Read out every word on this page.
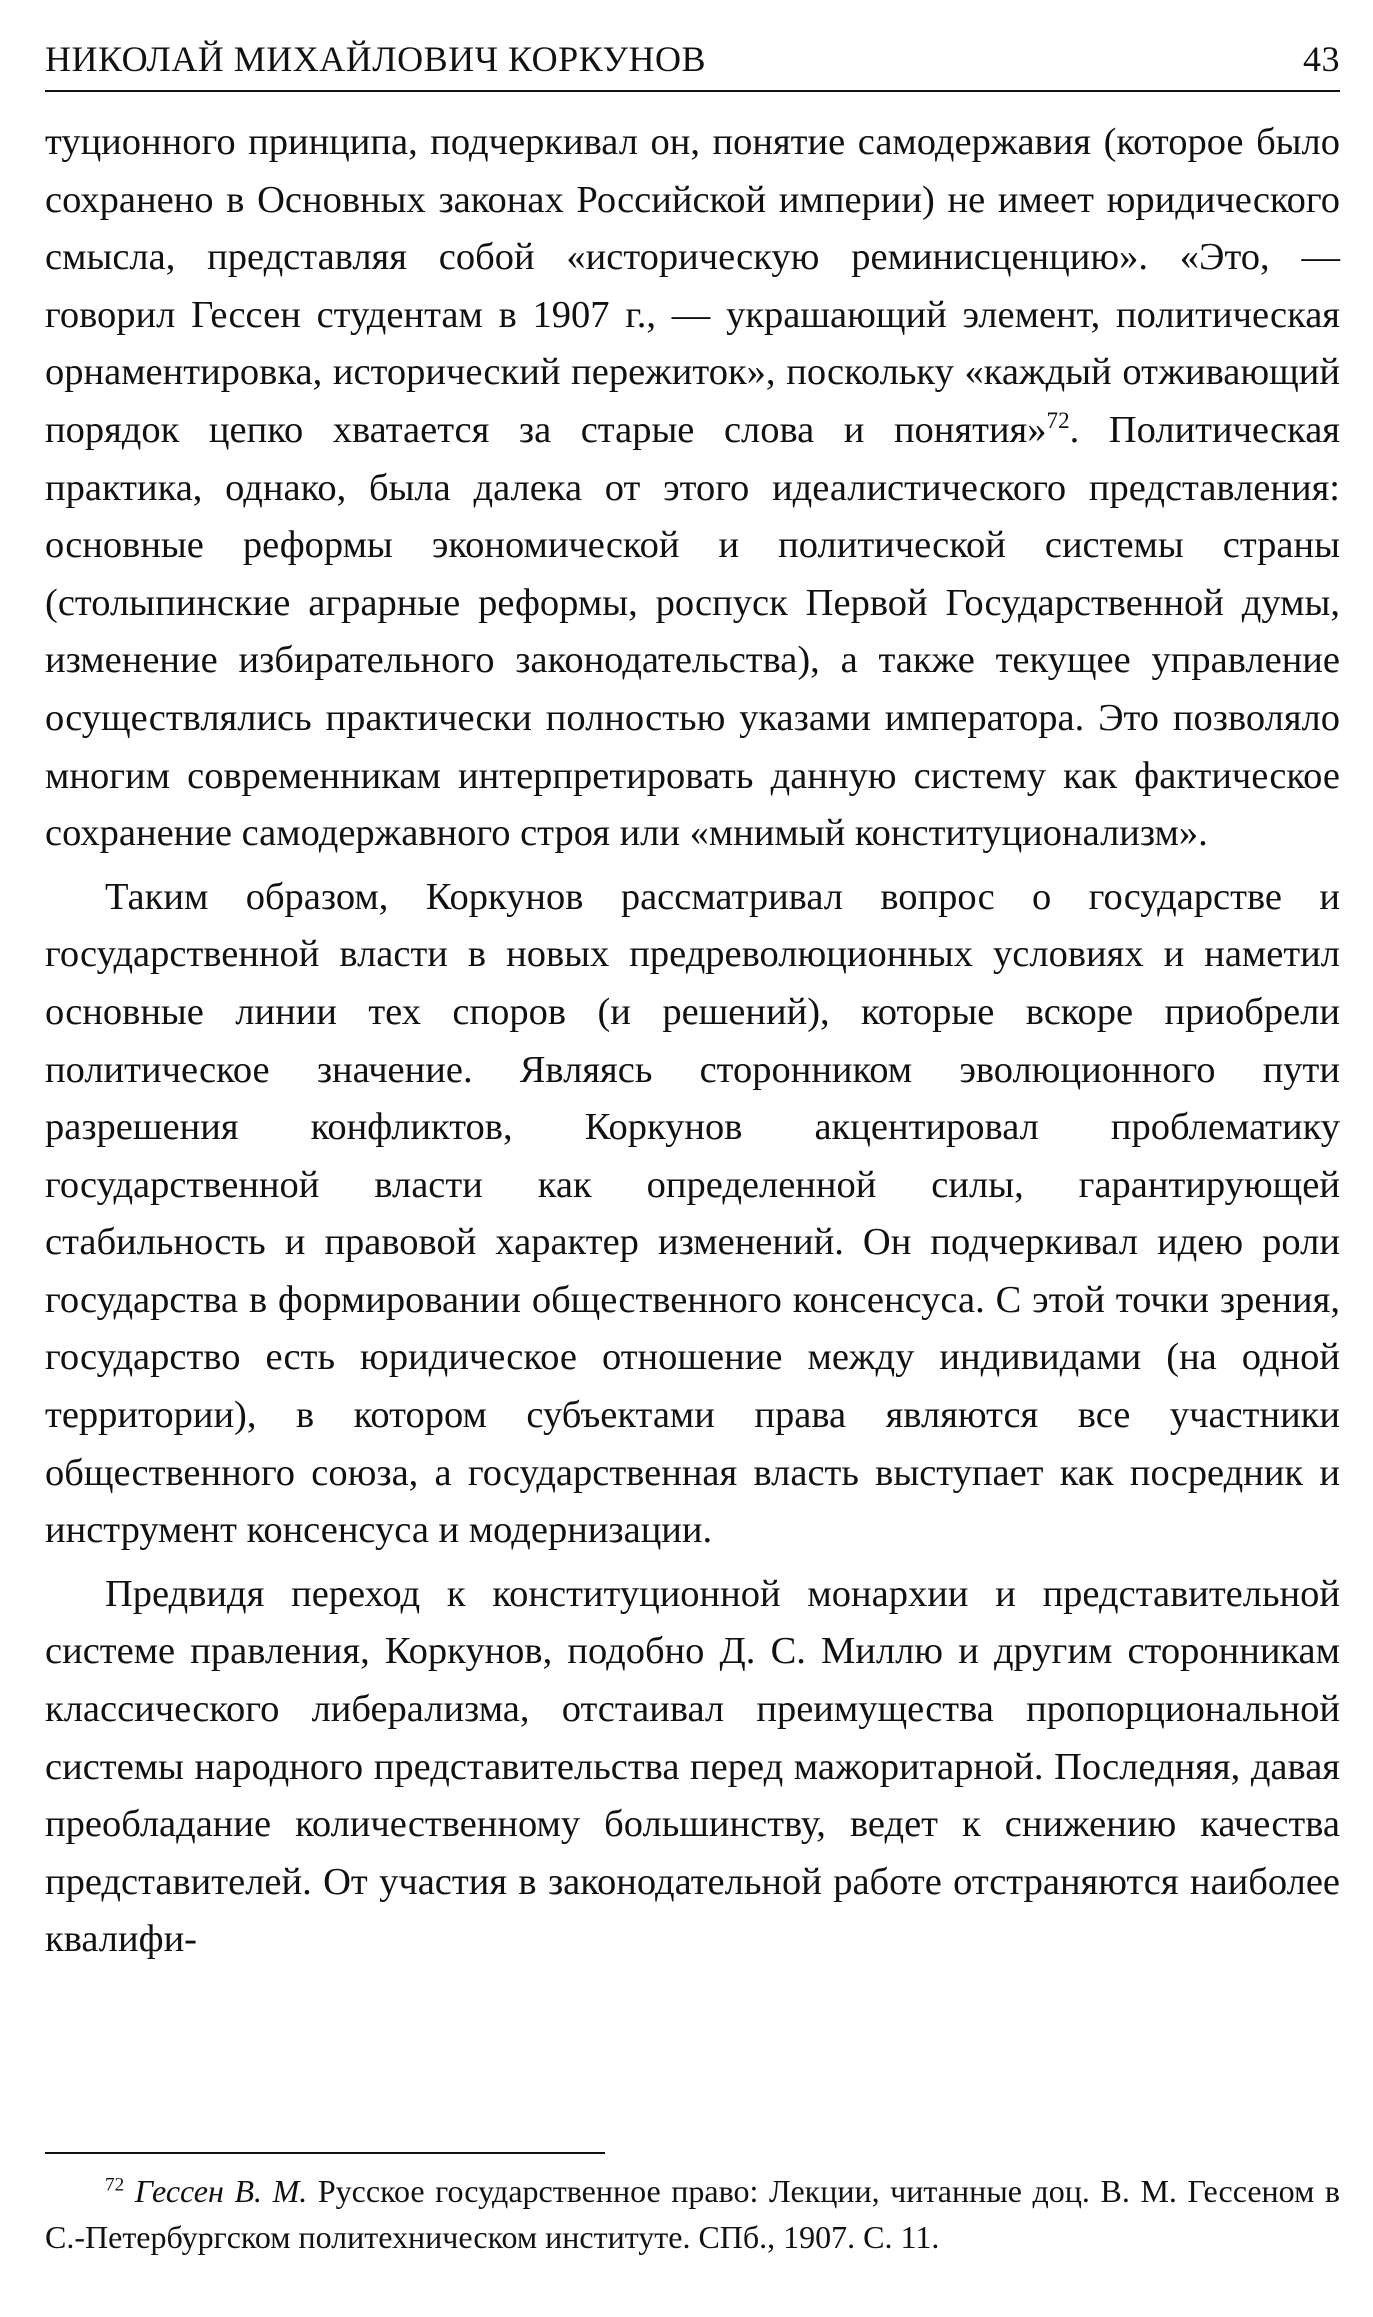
НИКОЛАЙ МИХАЙЛОВИЧ КОРКУНОВ	43

туционного принципа, подчеркивал он, понятие самодержавия (которое было сохранено в Основных законах Российской империи) не имеет юридического смысла, представляя собой «историческую реминисценцию». «Это, — говорил Гессен студентам в 1907 г., — украшающий элемент, политическая орнаментировка, исторический пережиток», поскольку «каждый отживающий порядок цепко хватается за старые слова и понятия»$^{72}$. Политическая практика, однако, была далека от этого идеалистического представления: основные реформы экономической и политической системы страны (столыпинские аграрные реформы, роспуск Первой Государственной думы, изменение избирательного законодательства), а также текущее управление осуществлялись практически полностью указами императора. Это позволяло многим современникам интерпретировать данную систему как фактическое сохранение самодержавного строя или «мнимый конституционализм».

Таким образом, Коркунов рассматривал вопрос о государстве и государственной власти в новых предреволюционных условиях и наметил основные линии тех споров (и решений), которые вскоре приобрели политическое значение. Являясь сторонником эволюционного пути разрешения конфликтов, Коркунов акцентировал проблематику государственной власти как определенной силы, гарантирующей стабильность и правовой характер изменений. Он подчеркивал идею роли государства в формировании общественного консенсуса. С этой точки зрения, государство есть юридическое отношение между индивидами (на одной территории), в котором субъектами права являются все участники общественного союза, а государственная власть выступает как посредник и инструмент консенсуса и модернизации.

Предвидя переход к конституционной монархии и представительной системе правления, Коркунов, подобно Д. С. Миллю и другим сторонникам классического либерализма, отстаивал преимущества пропорциональной системы народного представительства перед мажоритарной. Последняя, давая преобладание количественному большинству, ведет к снижению качества представителей. От участия в законодательной работе отстраняются наиболее квалифи-

$^{72}$ Гессен В. М. Русское государственное право: Лекции, читанные доц. В. М. Гессеном в С.-Петербургском политехническом институте. СПб., 1907. С. 11.
